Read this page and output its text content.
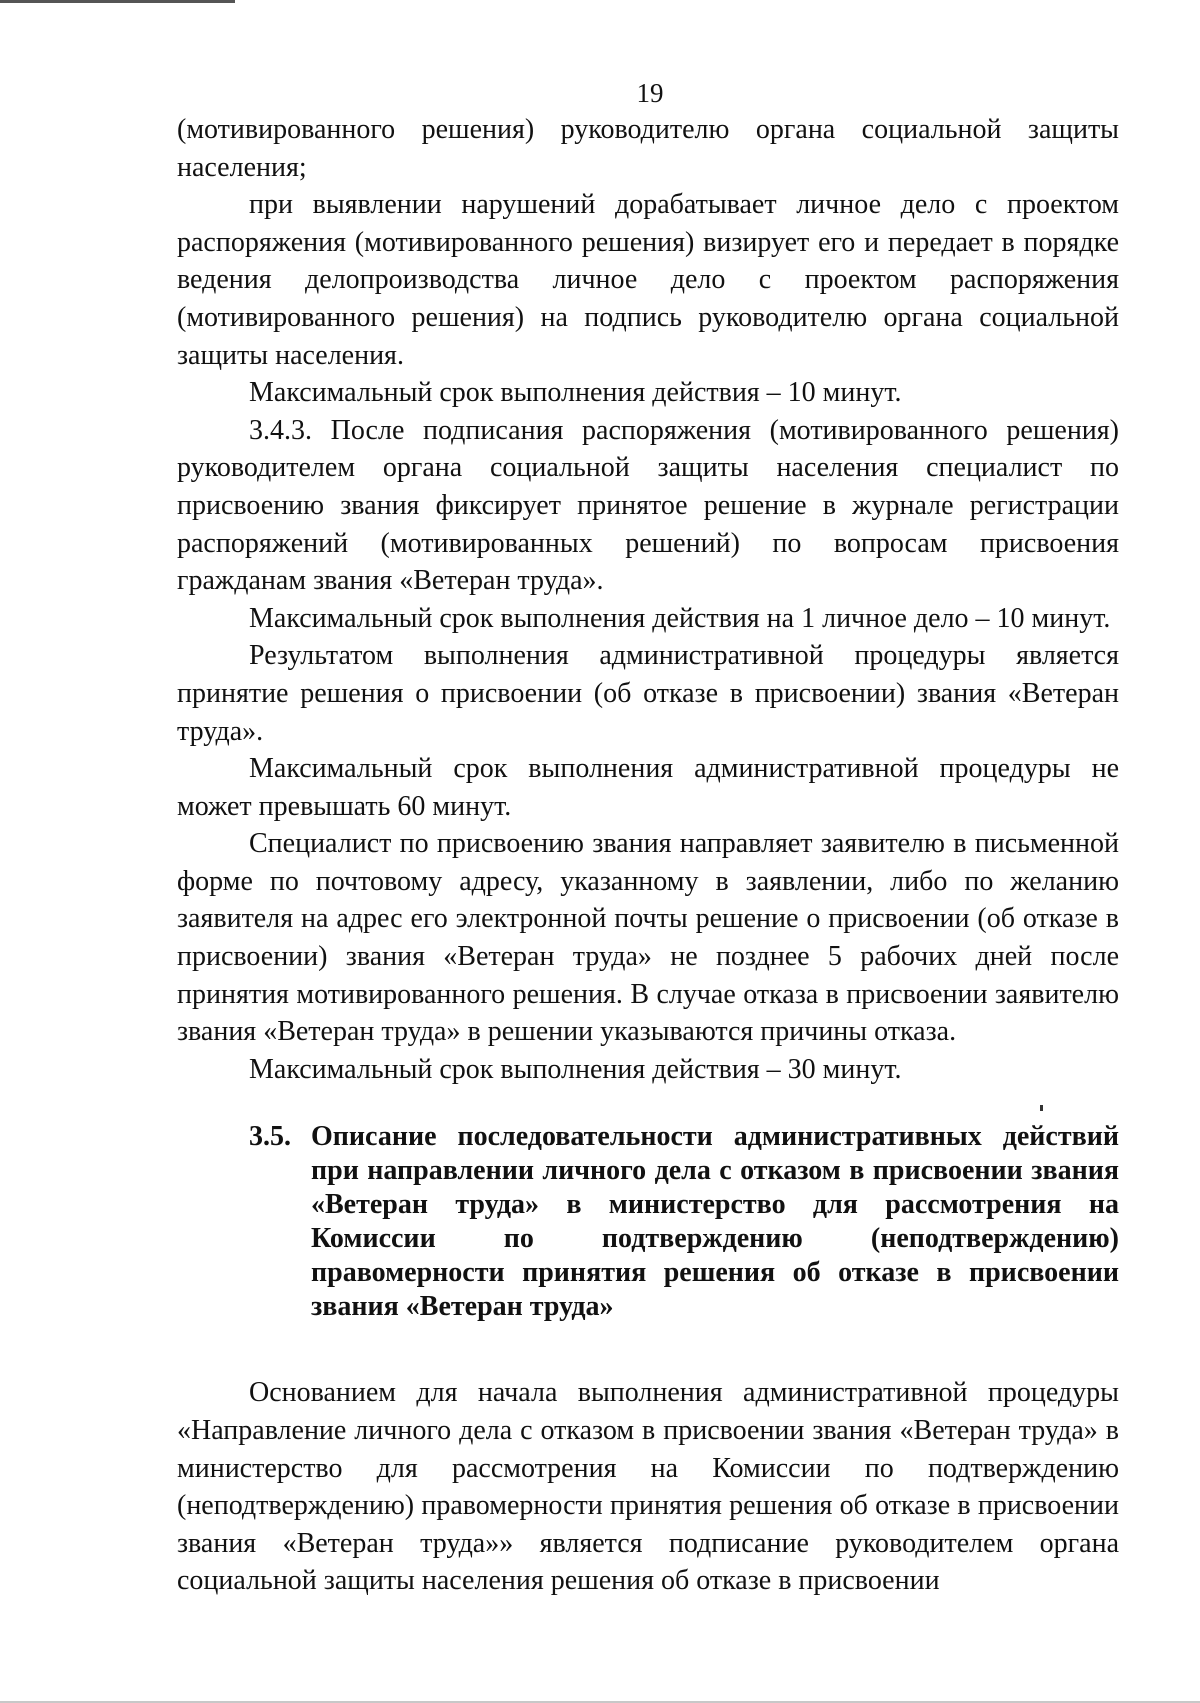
19

(мотивированного решения) руководителю органа социальной защиты населения;

при выявлении нарушений дорабатывает личное дело с проектом распоряжения (мотивированного решения) визирует его и передает в порядке ведения делопроизводства личное дело с проектом распоряжения (мотивированного решения) на подпись руководителю органа социальной защиты населения.

Максимальный срок выполнения действия – 10 минут.

3.4.3. После подписания распоряжения (мотивированного решения) руководителем органа социальной защиты населения специалист по присвоению звания фиксирует принятое решение в журнале регистрации распоряжений (мотивированных решений) по вопросам присвоения гражданам звания «Ветеран труда».

Максимальный срок выполнения действия на 1 личное дело – 10 минут.

Результатом выполнения административной процедуры является принятие решения о присвоении (об отказе в присвоении) звания «Ветеран труда».

Максимальный срок выполнения административной процедуры не может превышать 60 минут.

Специалист по присвоению звания направляет заявителю в письменной форме по почтовому адресу, указанному в заявлении, либо по желанию заявителя на адрес его электронной почты решение о присвоении (об отказе в присвоении) звания «Ветеран труда» не позднее 5 рабочих дней после принятия мотивированного решения. В случае отказа в присвоении заявителю звания «Ветеран труда» в решении указываются причины отказа.

Максимальный срок выполнения действия – 30 минут.

3.5. Описание последовательности административных действий при направлении личного дела с отказом в присвоении звания «Ветеран труда» в министерство для рассмотрения на Комиссии по подтверждению (неподтверждению) правомерности принятия решения об отказе в присвоении звания «Ветеран труда»

Основанием для начала выполнения административной процедуры «Направление личного дела с отказом в присвоении звания «Ветеран труда» в министерство для рассмотрения на Комиссии по подтверждению (неподтверждению) правомерности принятия решения об отказе в присвоении звания «Ветеран труда»» является подписание руководителем органа социальной защиты населения решения об отказе в присвоении
